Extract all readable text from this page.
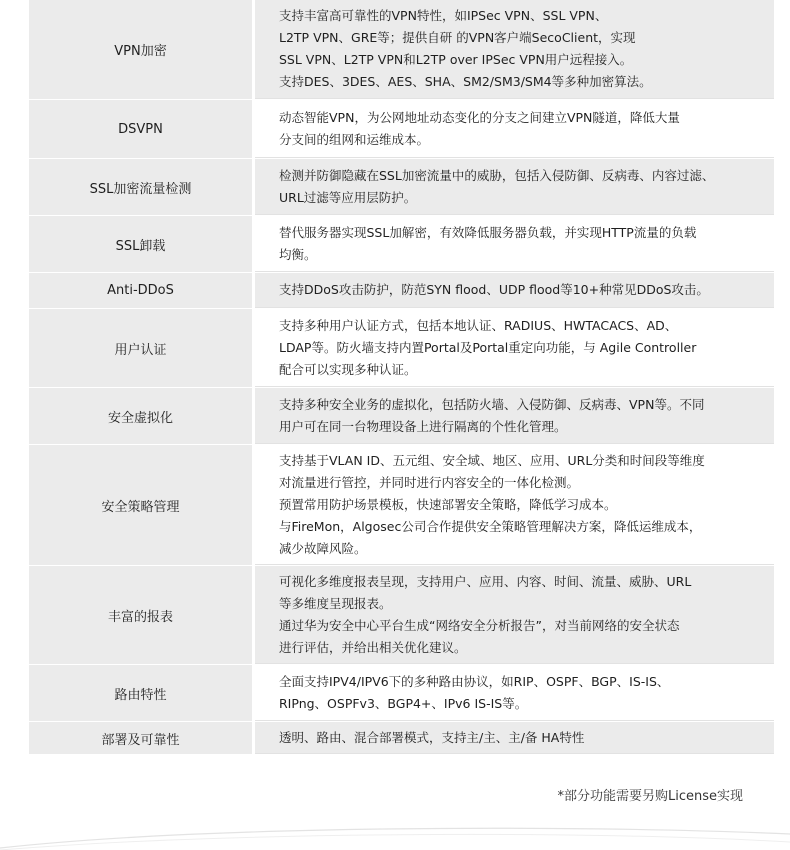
VPN加密
支持丰富高可靠性的VPN特性，如IPSec VPN、SSL VPN、
L2TP VPN、GRE等；提供自研 的VPN客户端SecoClient，实现
SSL VPN、L2TP VPN和L2TP over IPSec VPN用户远程接入。
支持DES、3DES、AES、SHA、SM2/SM3/SM4等多种加密算法。
DSVPN
动态智能VPN，为公网地址动态变化的分支之间建立VPN隧道，降低大量
分支间的组网和运维成本。
SSL加密流量检测
检测并防御隐藏在SSL加密流量中的威胁，包括入侵防御、反病毒、内容过滤、
URL过滤等应用层防护。
SSL卸载
替代服务器实现SSL加解密，有效降低服务器负载，并实现HTTP流量的负载
均衡。
Anti-DDoS	支持DDoS攻击防护，防范SYN flood、UDP flood等10+种常见DDoS攻击。
用户认证
支持多种用户认证方式，包括本地认证、RADIUS、HWTACACS、AD、
LDAP等。防火墙支持内置Portal及Portal重定向功能，与 Agile Controller
配合可以实现多种认证。
安全虚拟化
支持多种安全业务的虚拟化，包括防火墙、入侵防御、反病毒、VPN等。不同
用户可在同一台物理设备上进行隔离的个性化管理。
安全策略管理
支持基于VLAN ID、五元组、安全域、地区、应用、URL分类和时间段等维度
对流量进行管控，并同时进行内容安全的一体化检测。
预置常用防护场景模板，快速部署安全策略，降低学习成本。
与FireMon，Algosec公司合作提供安全策略管理解决方案，降低运维成本，
减少故障风险。
丰富的报表
可视化多维度报表呈现，支持用户、应用、内容、时间、流量、威胁、URL
等多维度呈现报表。
通过华为安全中心平台生成“网络安全分析报告”，对当前网络的安全状态
进行评估，并给出相关优化建议。
路由特性
全面支持IPV4/IPV6下的多种路由协议，如RIP、OSPF、BGP、IS-IS、
RIPng、OSPFv3、BGP4+、IPv6 IS-IS等。
部署及可靠性	透明、路由、混合部署模式，支持主/主、主/备 HA特性
*部分功能需要另购License实现
